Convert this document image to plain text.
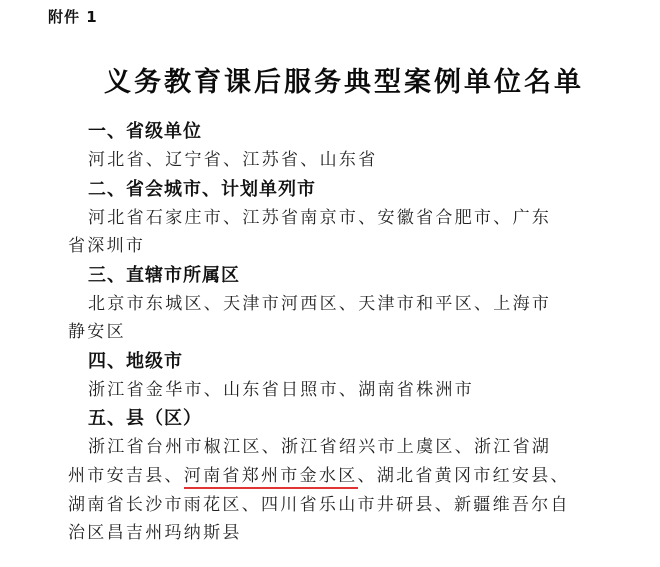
附件 1
义务教育课后服务典型案例单位名单
一、省级单位
河北省、辽宁省、江苏省、山东省
二、省会城市、计划单列市
河北省石家庄市、江苏省南京市、安徽省合肥市、广东
省深圳市
三、直辖市所属区
北京市东城区、天津市河西区、天津市和平区、上海市
静安区
四、地级市
浙江省金华市、山东省日照市、湖南省株洲市
五、县（区）
浙江省台州市椒江区、浙江省绍兴市上虞区、浙江省湖
州市安吉县、河南省郑州市金水区、湖北省黄冈市红安县、
湖南省长沙市雨花区、四川省乐山市井研县、新疆维吾尔自
治区昌吉州玛纳斯县
